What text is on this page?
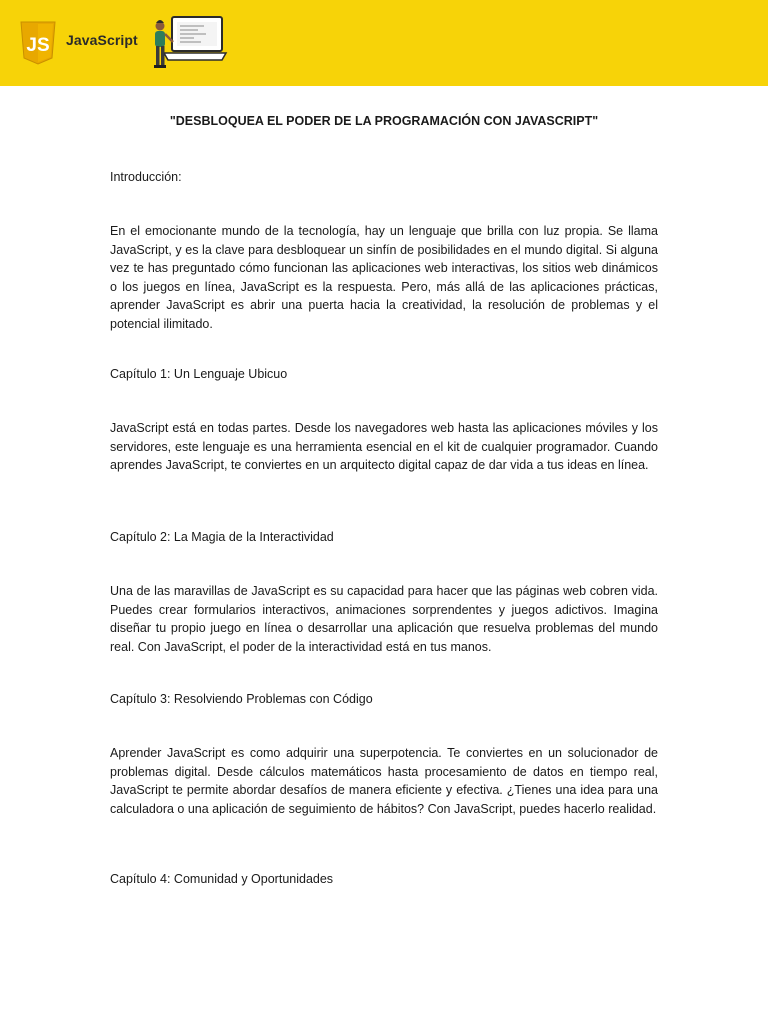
JS JavaScript
"DESBLOQUEA EL PODER DE LA PROGRAMACIÓN CON JAVASCRIPT"
Introducción:
En el emocionante mundo de la tecnología, hay un lenguaje que brilla con luz propia. Se llama JavaScript, y es la clave para desbloquear un sinfín de posibilidades en el mundo digital. Si alguna vez te has preguntado cómo funcionan las aplicaciones web interactivas, los sitios web dinámicos o los juegos en línea, JavaScript es la respuesta. Pero, más allá de las aplicaciones prácticas, aprender JavaScript es abrir una puerta hacia la creatividad, la resolución de problemas y el potencial ilimitado.
Capítulo 1: Un Lenguaje Ubicuo
JavaScript está en todas partes. Desde los navegadores web hasta las aplicaciones móviles y los servidores, este lenguaje es una herramienta esencial en el kit de cualquier programador. Cuando aprendes JavaScript, te conviertes en un arquitecto digital capaz de dar vida a tus ideas en línea.
Capítulo 2: La Magia de la Interactividad
Una de las maravillas de JavaScript es su capacidad para hacer que las páginas web cobren vida. Puedes crear formularios interactivos, animaciones sorprendentes y juegos adictivos. Imagina diseñar tu propio juego en línea o desarrollar una aplicación que resuelva problemas del mundo real. Con JavaScript, el poder de la interactividad está en tus manos.
Capítulo 3: Resolviendo Problemas con Código
Aprender JavaScript es como adquirir una superpotencia. Te conviertes en un solucionador de problemas digital. Desde cálculos matemáticos hasta procesamiento de datos en tiempo real, JavaScript te permite abordar desafíos de manera eficiente y efectiva. ¿Tienes una idea para una calculadora o una aplicación de seguimiento de hábitos? Con JavaScript, puedes hacerlo realidad.
Capítulo 4: Comunidad y Oportunidades
